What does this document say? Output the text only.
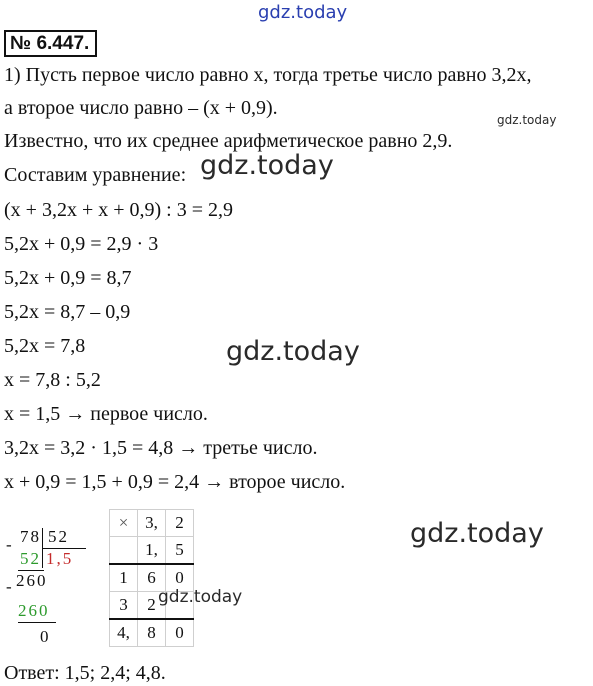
gdz.today
gdz.today
№ 6.447.
1) Пусть первое число равно x, тогда третье число равно 3,2x,
а второе число равно – (x + 0,9).
Известно, что их среднее арифметическое равно 2,9.
Составим уравнение:
(x + 3,2x + x + 0,9) : 3 = 2,9
5,2x + 0,9 = 2,9 · 3
5,2x + 0,9 = 8,7
5,2x = 8,7 – 0,9
5,2x = 7,8
x = 7,8 : 5,2
x = 1,5 → первое число.
3,2x = 3,2 · 1,5 = 4,8 → третье число.
x + 0,9 = 1,5 + 0,9 = 2,4 → второе число.
gdz.today
gdz.today
gdz.today
-
-
78 52
1,5
52
260
260
0
×	3,	2
	1,	5
1	6	0
3	2	
4,	8	0
gdz.today
Ответ: 1,5; 2,4; 4,8.
